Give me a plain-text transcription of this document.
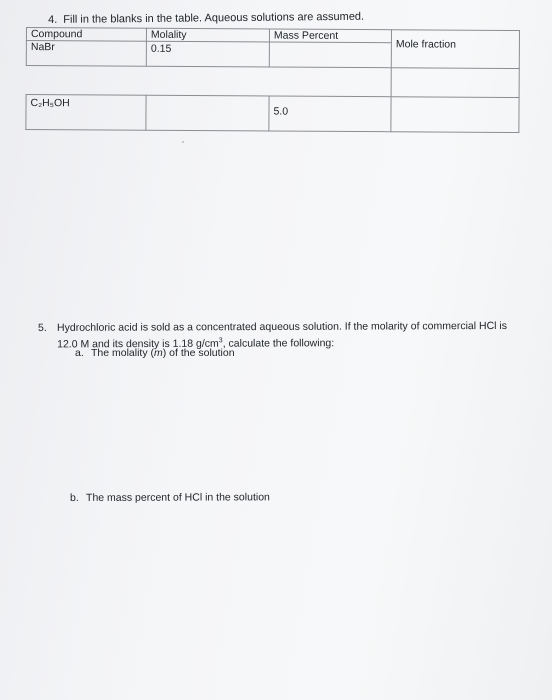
4. Fill in the blanks in the table. Aqueous solutions are assumed.
Compound	Molality	Mass Percent	Mole fraction
NaBr	0.15		

C₂H₅OH		5.0	
5. Hydrochloric acid is sold as a concentrated aqueous solution. If the molarity of commercial HCl is 12.0 M and its density is 1.18 $g/cm^3$, calculate the following:
a. The molality (m) of the solution
b. The mass percent of HCl in the solution
